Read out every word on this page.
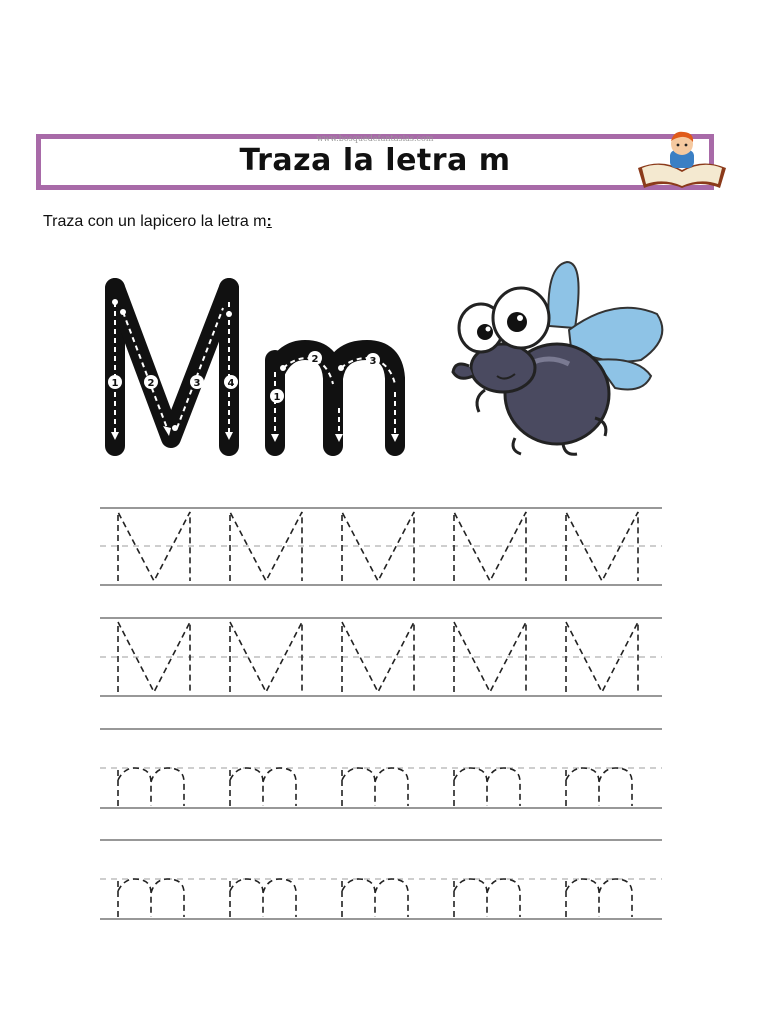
www.bosquedefantasias.com
Traza la letra m
Traza con un lapicero la letra m:
1	2	3	4
1
2	3
